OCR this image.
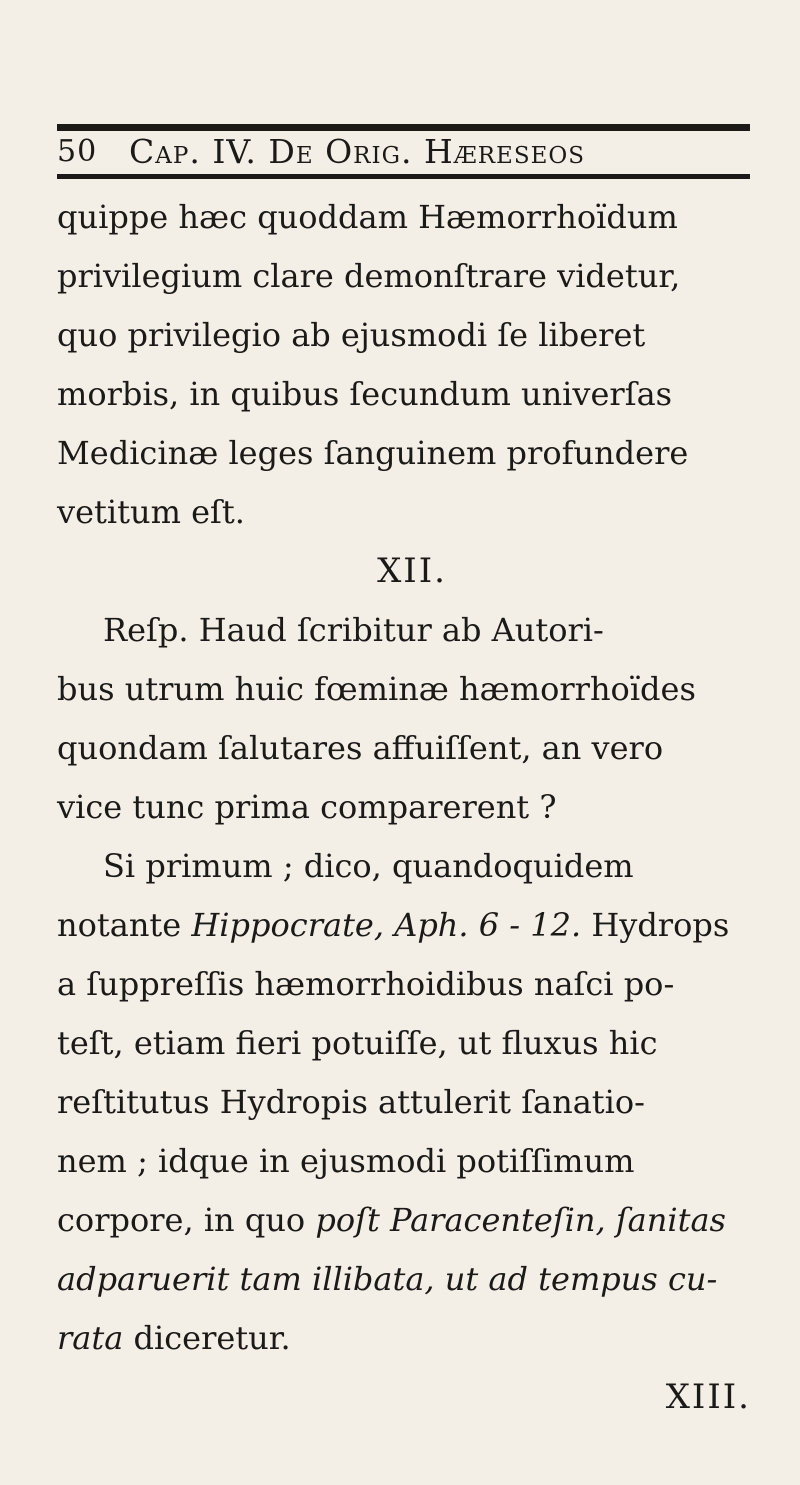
50 Cap. IV. De Orig. Hæreseos
quippe hæc quoddam Hæmorrhoïdum
privilegium clare demonſtrare videtur,
quo privilegio ab ejusmodi ſe liberet
morbis, in quibus ſecundum univerſas
Medicinæ leges ſanguinem profundere
vetitum eſt.
XII.
Reſp. Haud ſcribitur ab Autori-
bus utrum huic fœminæ hæmorrhoïdes
quondam ſalutares affuiſſent, an vero
vice tunc prima comparerent ?
Si primum ; dico, quandoquidem
notante Hippocrate, Aph. 6 - 12. Hydrops
a ſuppreſſis hæmorrhoidibus naſci po-
teſt, etiam fieri potuiſſe, ut fluxus hic
reſtitutus Hydropis attulerit ſanatio-
nem ; idque in ejusmodi potiſſimum
corpore, in quo poſt Paracenteſin, ſanitas
adparuerit tam illibata, ut ad tempus cu-
rata diceretur.
XIII.
